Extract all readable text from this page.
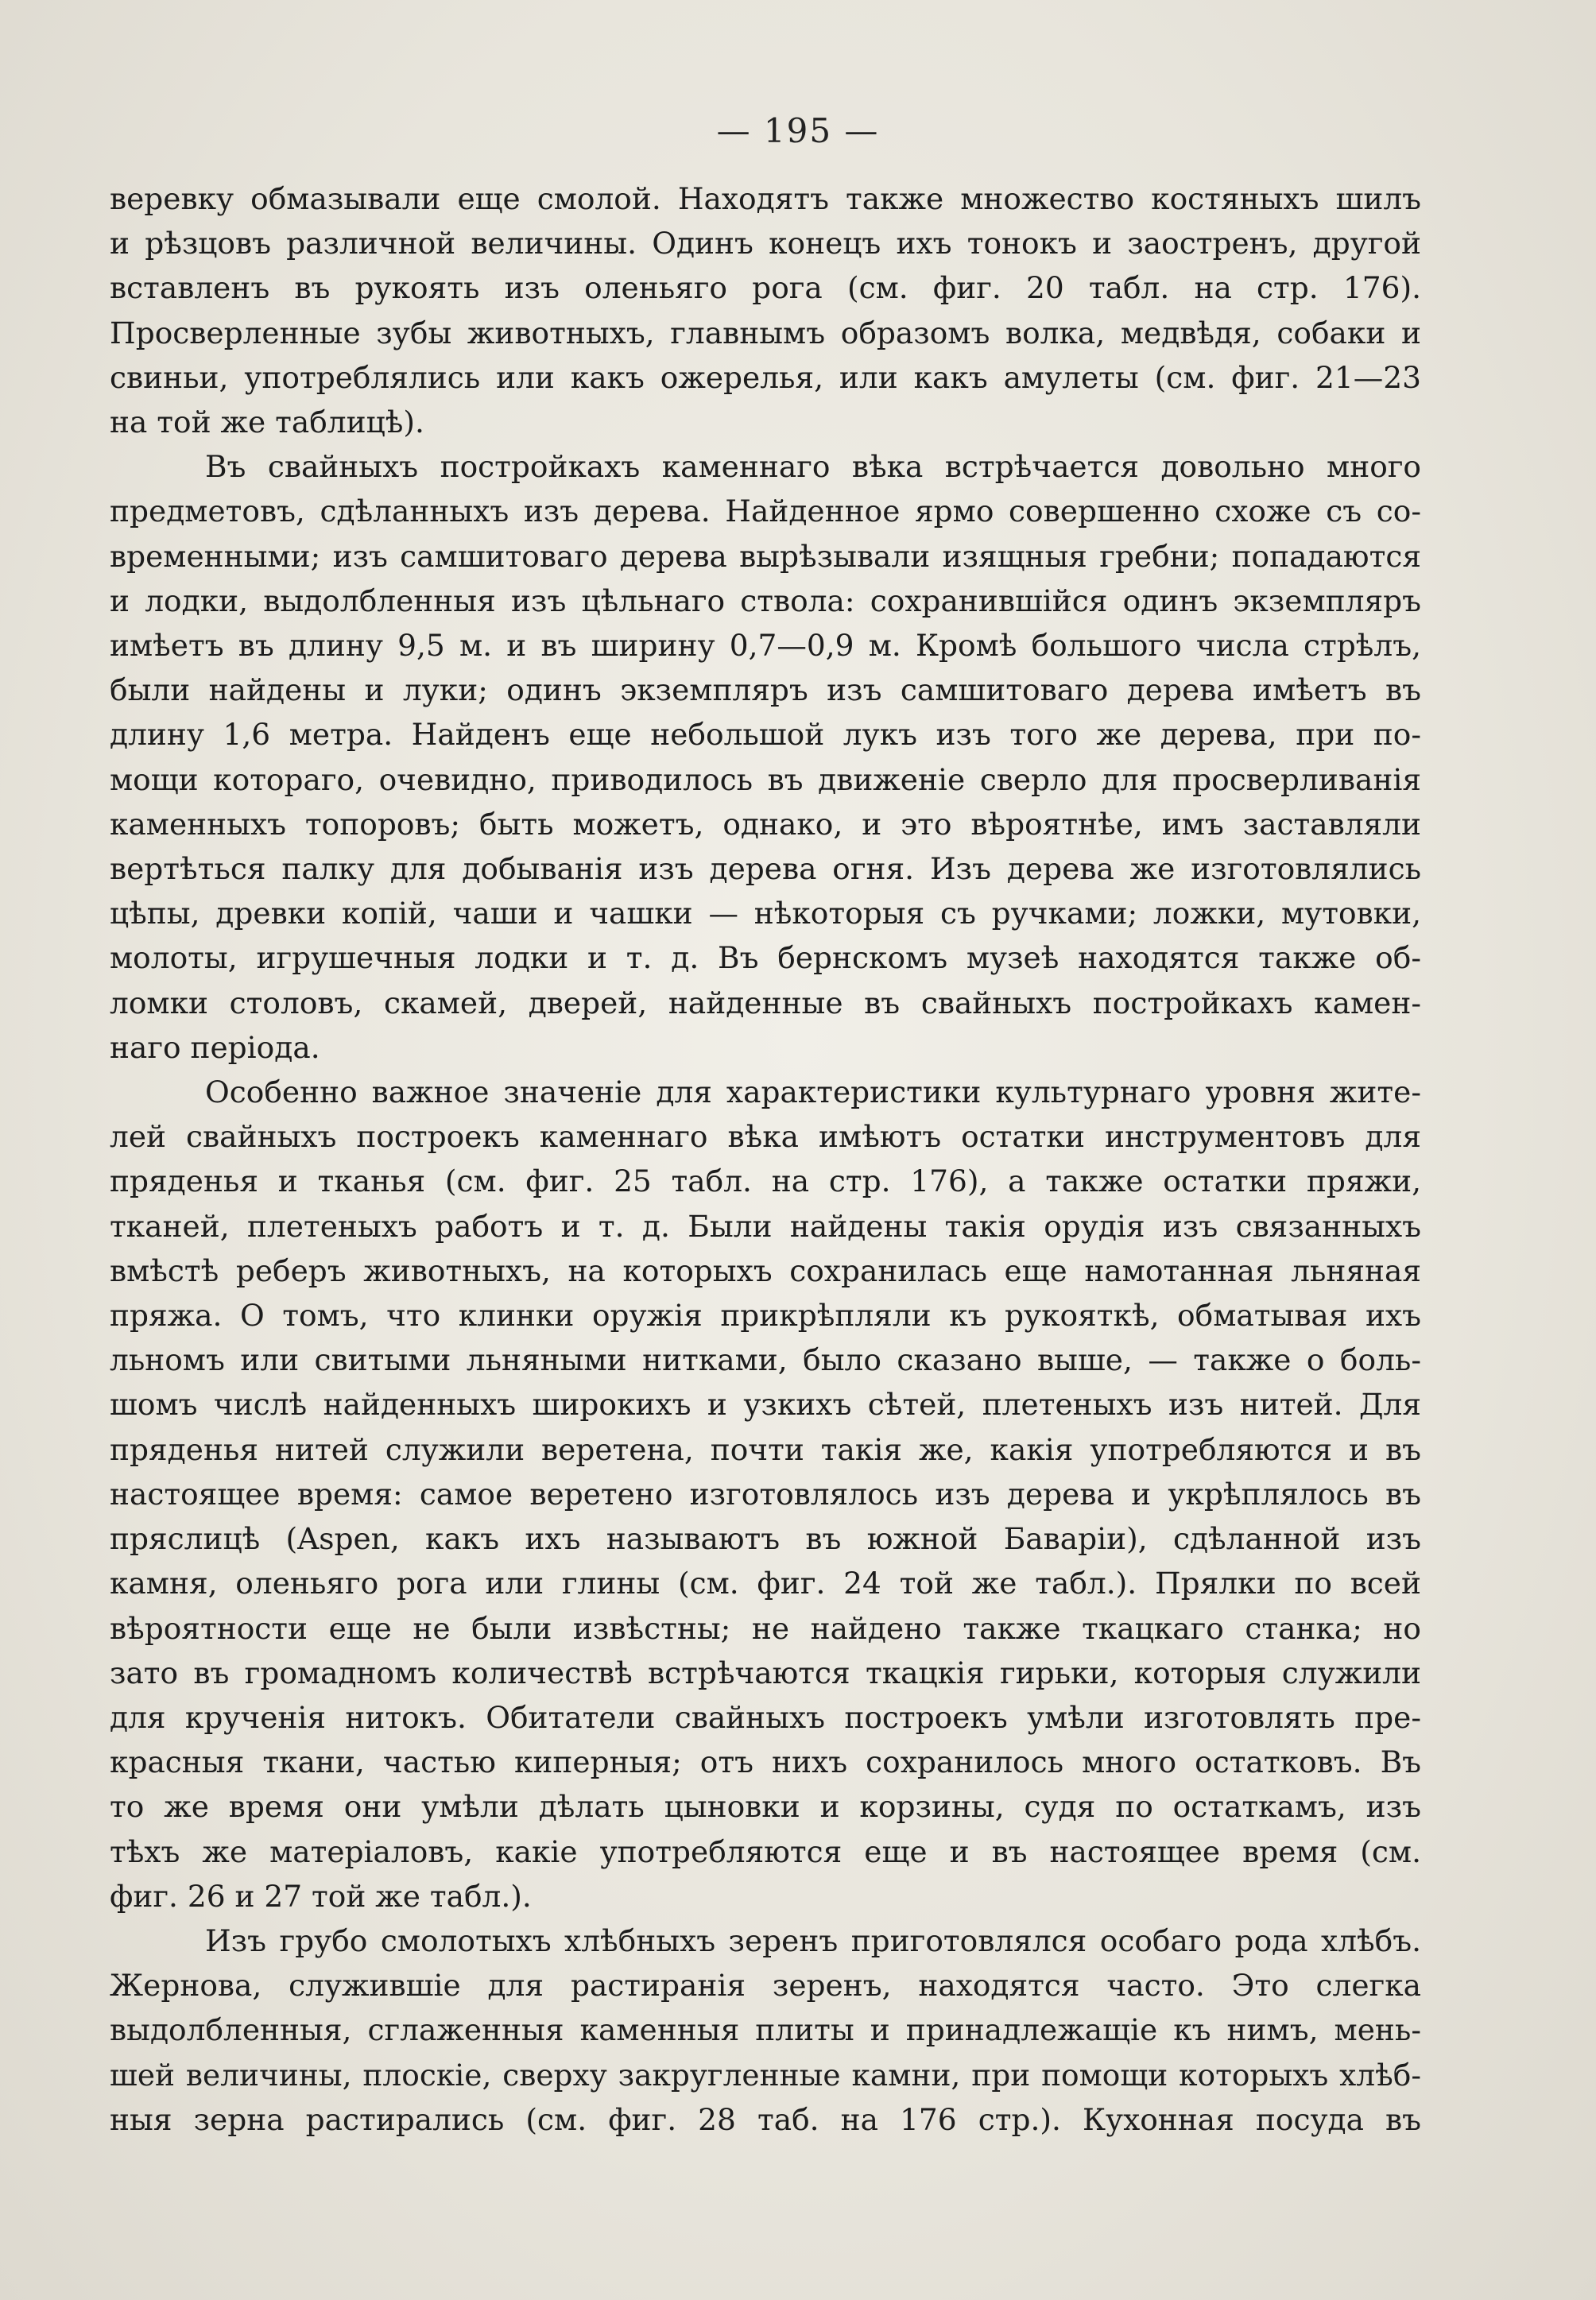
— 195 —
веревку обмазывали еще смолой. Находятъ также множество костяныхъ шилъ
и рѣзцовъ различной величины. Одинъ конецъ ихъ тонокъ и заостренъ, другой
вставленъ въ рукоять изъ оленьяго рога (см. фиг. 20 табл. на стр. 176).
Просверленные зубы животныхъ, главнымъ образомъ волка, медвѣдя, собаки и
свиньи, употреблялись или какъ ожерелья, или какъ амулеты (см. фиг. 21—23
на той же таблицѣ).
Въ свайныхъ постройкахъ каменнаго вѣка встрѣчается довольно много
предметовъ, сдѣланныхъ изъ дерева. Найденное ярмо совершенно схоже съ со-
временными; изъ самшитоваго дерева вырѣзывали изящныя гребни; попадаются
и лодки, выдолбленныя изъ цѣльнаго ствола: сохранившійся одинъ экземпляръ
имѣетъ въ длину 9,5 м. и въ ширину 0,7—0,9 м. Кромѣ большого числа стрѣлъ,
были найдены и луки; одинъ экземпляръ изъ самшитоваго дерева имѣетъ въ
длину 1,6 метра. Найденъ еще небольшой лукъ изъ того же дерева, при по-
мощи котораго, очевидно, приводилось въ движеніе сверло для просверливанія
каменныхъ топоровъ; быть можетъ, однако, и это вѣроятнѣе, имъ заставляли
вертѣться палку для добыванія изъ дерева огня. Изъ дерева же изготовлялись
цѣпы, древки копій, чаши и чашки — нѣкоторыя съ ручками; ложки, мутовки,
молоты, игрушечныя лодки и т. д. Въ бернскомъ музеѣ находятся также об-
ломки столовъ, скамей, дверей, найденные въ свайныхъ постройкахъ камен-
наго періода.
Особенно важное значеніе для характеристики культурнаго уровня жите-
лей свайныхъ построекъ каменнаго вѣка имѣютъ остатки инструментовъ для
пряденья и тканья (см. фиг. 25 табл. на стр. 176), а также остатки пряжи,
тканей, плетеныхъ работъ и т. д. Были найдены такія орудія изъ связанныхъ
вмѣстѣ реберъ животныхъ, на которыхъ сохранилась еще намотанная льняная
пряжа. О томъ, что клинки оружія прикрѣпляли къ рукояткѣ, обматывая ихъ
льномъ или свитыми льняными нитками, было сказано выше, — также о боль-
шомъ числѣ найденныхъ широкихъ и узкихъ сѣтей, плетеныхъ изъ нитей. Для
пряденья нитей служили веретена, почти такія же, какія употребляются и въ
настоящее время: самое веретено изготовлялось изъ дерева и укрѣплялось въ
пряслицѣ (Aspen, какъ ихъ называютъ въ южной Баваріи), сдѣланной изъ
камня, оленьяго рога или глины (см. фиг. 24 той же табл.). Прялки по всей
вѣроятности еще не были извѣстны; не найдено также ткацкаго станка; но
зато въ громадномъ количествѣ встрѣчаются ткацкія гирьки, которыя служили
для крученія нитокъ. Обитатели свайныхъ построекъ умѣли изготовлять пре-
красныя ткани, частью киперныя; отъ нихъ сохранилось много остатковъ. Въ
то же время они умѣли дѣлать цыновки и корзины, судя по остаткамъ, изъ
тѣхъ же матеріаловъ, какіе употребляются еще и въ настоящее время (см.
фиг. 26 и 27 той же табл.).
Изъ грубо смолотыхъ хлѣбныхъ зеренъ приготовлялся особаго рода хлѣбъ.
Жернова, служившіе для растиранія зеренъ, находятся часто. Это слегка
выдолбленныя, сглаженныя каменныя плиты и принадлежащіе къ нимъ, мень-
шей величины, плоскіе, сверху закругленные камни, при помощи которыхъ хлѣб-
ныя зерна растирались (см. фиг. 28 таб. на 176 стр.). Кухонная посуда въ
